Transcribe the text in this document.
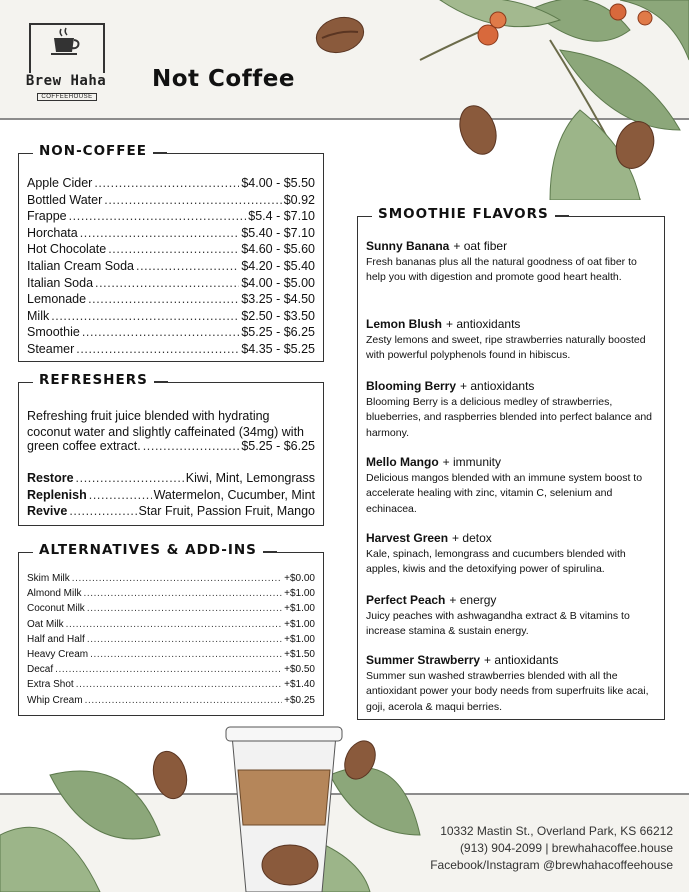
Brew Haha
COFFEEHOUSE
Not Coffee
NON-COFFEE
Apple Cider .....	$4.00 - $5.50
Bottled Water .....	$0.92
Frappe .....	$5.4 - $7.10
Horchata .....	$5.40 - $7.10
Hot Chocolate .....	$4.60 - $5.60
Italian Cream Soda .....	$4.20 - $5.40
Italian Soda .....	$4.00 - $5.00
Lemonade .....	$3.25 - $4.50
Milk .....	$2.50 - $3.50
Smoothie .....	$5.25 - $6.25
Steamer .....	$4.35 - $5.25
REFRESHERS
Refreshing fruit juice blended with hydrating
coconut water and slightly caffeinated (34mg) with
green coffee extract. .....	$5.25 - $6.25
Restore .....	Kiwi, Mint, Lemongrass
Replenish .....	Watermelon, Cucumber, Mint
Revive .....	Star Fruit, Passion Fruit, Mango
ALTERNATIVES & ADD-INS
Skim Milk .....	+$0.00
Almond Milk .....	+$1.00
Coconut Milk .....	+$1.00
Oat Milk .....	+$1.00
Half and Half .....	+$1.00
Heavy Cream .....	+$1.50
Decaf .....	+$0.50
Extra Shot .....	+$1.40
Whip Cream .....	+$0.25
SMOOTHIE FLAVORS
Sunny Banana + oat fiber
Fresh bananas plus all the natural goodness of oat fiber to help you with digestion and promote good heart health.
Lemon Blush + antioxidants
Zesty lemons and sweet, ripe strawberries naturally boosted with powerful polyphenols found in hibiscus.
Blooming Berry + antioxidants
Blooming Berry is a delicious medley of strawberries, blueberries, and raspberries blended into perfect balance and harmony.
Mello Mango + immunity
Delicious mangos blended with an immune system boost to accelerate healing with zinc, vitamin C, selenium and echinacea.
Harvest Green + detox
Kale, spinach, lemongrass and cucumbers blended with apples, kiwis and the detoxifying power of spirulina.
Perfect Peach + energy
Juicy peaches with ashwagandha extract & B vitamins to increase stamina & sustain energy.
Summer Strawberry + antioxidants
Summer sun washed strawberries blended with all the antioxidant power your body needs from superfruits like acai, goji, acerola & maqui berries.
10332 Mastin St., Overland Park, KS 66212
(913) 904-2099 | brewhahacoffee.house
Facebook/Instagram @brewhahacoffeehouse
